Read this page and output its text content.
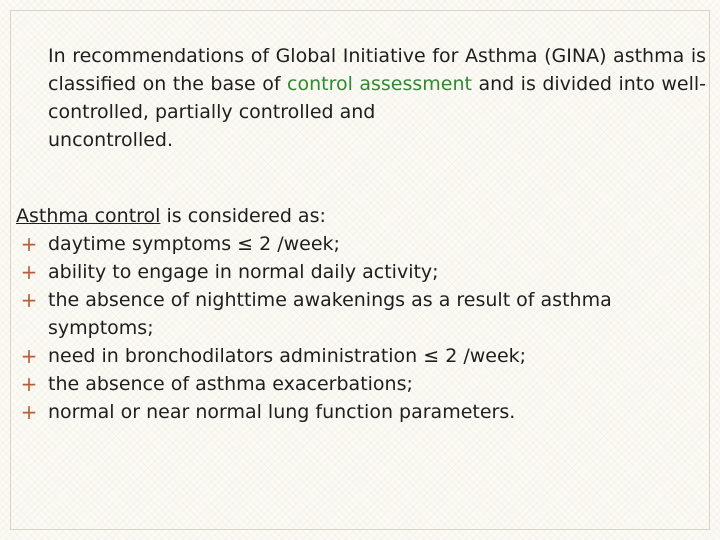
In recommendations of Global Initiative for Asthma (GINA) asthma is classified on the base of control assessment and is divided into well-controlled, partially controlled and
uncontrolled.
Asthma control is considered as:
+ daytime symptoms ≤ 2 /week;
+ ability to engage in normal daily activity;
+ the absence of nighttime awakenings as a result of asthma symptoms;
+ need in bronchodilators administration ≤ 2 /week;
+ the absence of asthma exacerbations;
+ normal or near normal lung function parameters.
